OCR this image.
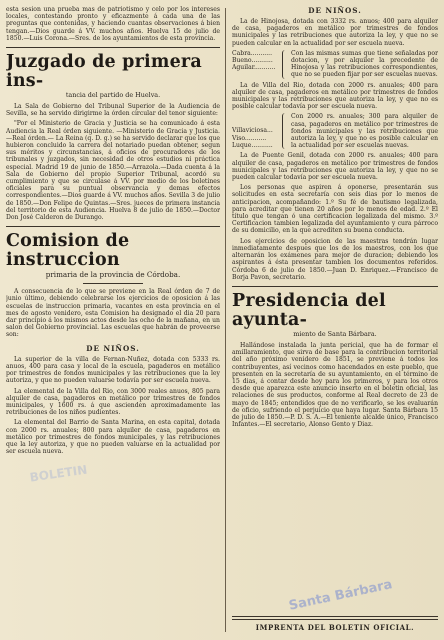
esta sesion una prueba mas de patriotismo y celo por los intereses locales, contestando pronto y eficazmente á cada una de las preguntas que contenidas, y haciendo cuantas observaciones á bien tengan.—Dios guarde á VV. muchos años. Huelva 15 de julio de 1850.—Luis Corona.—Sres. de los ayuntamientos de esta provincia.

Juzgado de primera ins-
tancia del partido de Huelva.

La Sala de Gobierno del Tribunal Superior de la Audiencia de Sevilla, se ha servido dirigirme la órden circular del tenor siguiente:

"Por el Ministerio de Gracia y Justicia se ha comunicado á esta Audiencia la Real órden siguiente. —Ministerio de Gracia y Justicia.—Real órden.— La Reina (q. D. g.) se ha servido declarar que los que hubieron concluido la carrera del notariado puedan obtener, segun sus méritos y circunstancias, á oficios de procuradores de los tribunales y juzgados, sin necesidad de otros estudios ni práctica especial. Madrid 19 de junio de 1850.—Arrazola.—Dada cuenta á la Sala de Gobierno del propio Superior Tribunal, acordó su cumplimiento y que se circulase á VV. por medio de los boletines oficiales para su puntual observancia y demas efectos correspondientes.—Dios guarde á VV. muchos años. Sevilla 3 de julio de 1850.—Don Felipe de Quintas.—Sres. jueces de primera instancia del territorio de esta Audiencia. Huelva 8 de julio de 1850.—Doctor Don José Calderon de Durango.

Comision de instruccion
primaria de la provincia de Córdoba.

A consecuencia de lo que se previene en la Real órden de 7 de junio último, debiendo celebrarse los ejercicios de oposicion á las escuelas de instruccion primaria, vacantes en esta provincia en el mes de agosto venidero, esta Comision ha designado el dia 20 para dar principio á los mismos actos desde las ocho de la mañana, en un salon del Gobierno provincial. Las escuelas que habrán de proveerse son:

DE NIÑOS.

La superior de la villa de Fernan-Nuñez, dotada con 5333 rs. anuos, 400 para casa y local de la escuela, pagaderos en metálico por trimestres de fondos municipales y las retribuciones que la ley autoriza, y que no pueden valuarse todavía por ser escuela nueva.

La elemental de la Villa del Rio, con 3000 reales anuos, 805 para alquiler de casa, pagaderos en metálico por trimestres de fondos municipales, y 1600 rs. á que ascienden aproximadamente las retribuciones de los niños pudientes.

La elemental del Barrio de Santa Marina, en esta capital, dotada con 2000 rs. anuales; 800 para alquiler de casa, pagaderos en metálico por trimestres de fondos municipales, y las retribuciones que la ley autoriza, y que no pueden valuarse en la actualidad por ser escuela nueva.

DE NIÑOS.

La de Hinojosa, dotada con 3332 rs. anuos; 400 para alquiler de casa, pagaderos en metálico por trimestres de fondos municipales y las retribuciones que autoriza la ley, y que no se pueden calcular en la actualidad por ser escuela nueva.

Cabra...........
Bueno...........
Aguilar...........
Con las mismas sumas que tiene señaladas por dotacion, y por alquiler la precedente de Hinojosa y las retribuciones correspondientes, que no se pueden fijar por ser escuelas nuevas.

La de Villa del Rio, dotada con 2000 rs. anuales; 400 para alquiler de casa, pagaderos en metálico por trimestres de fondos municipales y las retribuciones que autoriza la ley, y que no es posible calcular todavía por ser escuela nueva.

Villaviciosa...
Viso...........
Luque...........
Con 2000 rs. anuales; 300 para alquiler de casa, pagaderos en metálico por trimestres de fondos municipales y las retribuciones que autoriza la ley, y que no es posible calcular en la actualidad por ser escuelas nuevas.

La de Puente Genil, dotada con 2000 rs. anuales; 400 para alquiler de casa, pagaderos en metálico por trimestres de fondos municipales y las retribuciones que autoriza la ley, y que no se pueden calcular todavía por ser escuela nueva.

Los personas que aspiren á oponerse, presentarán sus solicitudes en esta secretaría con seis dias por lo menos de anticipacion, acompañando: 1.º Su fé de bautismo legalizada, para acreditar que tienen 20 años por lo menos de edad. 2.º El título que tengan ó una certificacion legalizada del mismo. 3.º Certificacion tambien legalizada del ayuntamiento y cura párroco de su domicilio, en la que acrediten su buena conducta.

Los ejercicios de oposicion de las maestras tendrán lugar inmediatamente despues que los de los maestros, con los que alternarán los exámenes para mejor de duracion; debiendo los aspirantes á ésta presentar tambien los documentos referidos. Córdoba 6 de julio de 1850.—Juan D. Enriquez.—Francisco de Borja Pavon, secretario.

Presidencia del ayunta-
miento de Santa Bárbara.

Hallándose instalada la junta pericial, que ha de formar el amillaramiento, que sirva de base para la contribucion territorial del año próximo venidero de 1851, se previene á todos los contribuyentes, así vecinos como hacendados en este pueblo, que presenten en la secretaría de su ayuntamiento, en el término de 15 dias, á contar desde hoy para los primeros, y para los otros desde que aparezca este anuncio inserto en el boletin oficial, las relaciones de sus productos, conforme al Real decreto de 23 de mayo de 1845; entendidos que de no verificarlo, se les evaluarán de oficio, sufriendo el perjuicio que haya lugar. Santa Bárbara 15 de julio de 1850.—P. D. S. A.—El teniente alcalde único, Francisco Infantes.—El secretario, Alonso Gento y Diaz.

IMPRENTA DEL BOLETIN OFICIAL.
BOLETIN
Santa Bárbara
